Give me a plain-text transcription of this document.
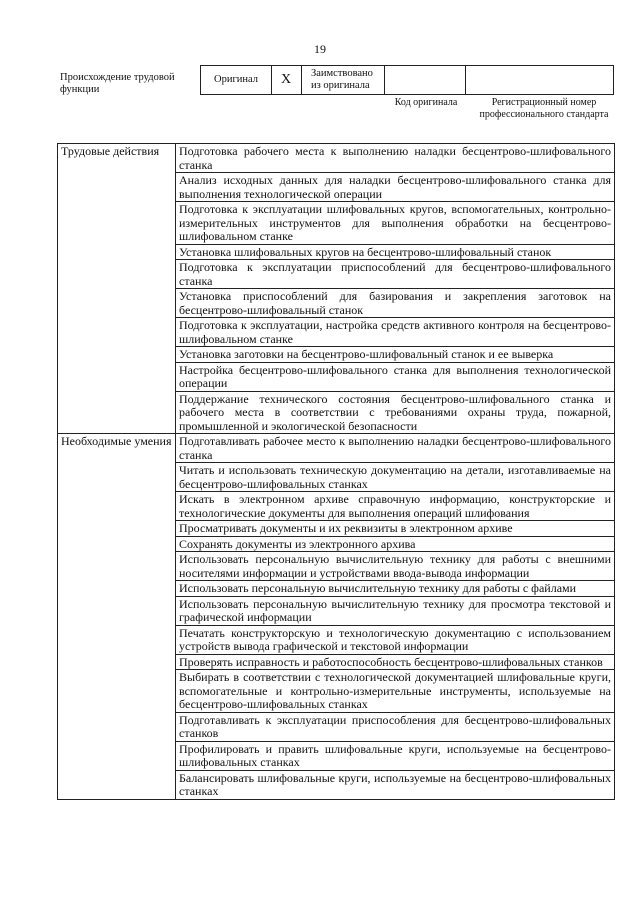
19
Происхождение трудовой функции
Оригинал	X	Заимствовано из оригинала
Код оригинала	Регистрационный номер профессионального стандарта
Трудовые действия	Подготовка рабочего места к выполнению наладки бесцентрово-шлифовального станка
	Анализ исходных данных для наладки бесцентрово-шлифовального станка для выполнения технологической операции
	Подготовка к эксплуатации шлифовальных кругов, вспомогательных, контрольно-измерительных инструментов для выполнения обработки на бесцентрово-шлифовальном станке
	Установка шлифовальных кругов на бесцентрово-шлифовальный станок
	Подготовка к эксплуатации приспособлений для бесцентрово-шлифовального станка
	Установка приспособлений для базирования и закрепления заготовок на бесцентрово-шлифовальный станок
	Подготовка к эксплуатации, настройка средств активного контроля на бесцентрово-шлифовальном станке
	Установка заготовки на бесцентрово-шлифовальный станок и ее выверка
	Настройка бесцентрово-шлифовального станка для выполнения технологической операции
	Поддержание технического состояния бесцентрово-шлифовального станка и рабочего места в соответствии с требованиями охраны труда, пожарной, промышленной и экологической безопасности
Необходимые умения	Подготавливать рабочее место к выполнению наладки бесцентрово-шлифовального станка
	Читать и использовать техническую документацию на детали, изготавливаемые на бесцентрово-шлифовальных станках
	Искать в электронном архиве справочную информацию, конструкторские и технологические документы для выполнения операций шлифования
	Просматривать документы и их реквизиты в электронном архиве
	Сохранять документы из электронного архива
	Использовать персональную вычислительную технику для работы с внешними носителями информации и устройствами ввода-вывода информации
	Использовать персональную вычислительную технику для работы с файлами
	Использовать персональную вычислительную технику для просмотра текстовой и графической информации
	Печатать конструкторскую и технологическую документацию с использованием устройств вывода графической и текстовой информации
	Проверять исправность и работоспособность бесцентрово-шлифовальных станков
	Выбирать в соответствии с технологической документацией шлифовальные круги, вспомогательные и контрольно-измерительные инструменты, используемые на бесцентрово-шлифовальных станках
	Подготавливать к эксплуатации приспособления для бесцентрово-шлифовальных станков
	Профилировать и править шлифовальные круги, используемые на бесцентрово-шлифовальных станках
	Балансировать шлифовальные круги, используемые на бесцентрово-шлифовальных станках
